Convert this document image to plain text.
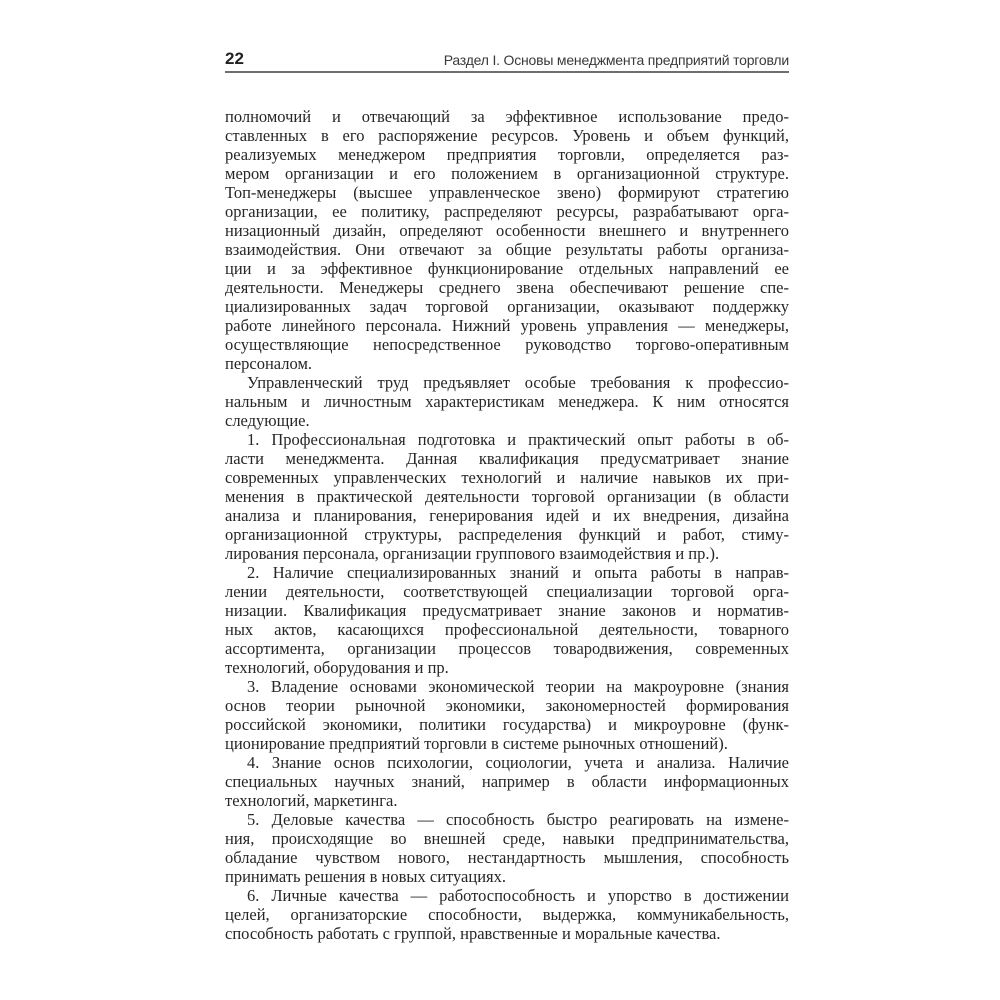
22	Раздел I. Основы менеджмента предприятий торговли

полномочий и отвечающий за эффективное использование предо-
ставленных в его распоряжение ресурсов. Уровень и объем функций,
реализуемых менеджером предприятия торговли, определяется раз-
мером организации и его положением в организационной структуре.
Топ-менеджеры (высшее управленческое звено) формируют стратегию
организации, ее политику, распределяют ресурсы, разрабатывают орга-
низационный дизайн, определяют особенности внешнего и внутреннего
взаимодействия. Они отвечают за общие результаты работы организа-
ции и за эффективное функционирование отдельных направлений ее
деятельности. Менеджеры среднего звена обеспечивают решение спе-
циализированных задач торговой организации, оказывают поддержку
работе линейного персонала. Нижний уровень управления — менеджеры,
осуществляющие непосредственное руководство торгово-оперативным
персоналом.

Управленческий труд предъявляет особые требования к профессио-
нальным и личностным характеристикам менеджера. К ним относятся
следующие.

1. Профессиональная подготовка и практический опыт работы в об-
ласти менеджмента. Данная квалификация предусматривает знание
современных управленческих технологий и наличие навыков их при-
менения в практической деятельности торговой организации (в области
анализа и планирования, генерирования идей и их внедрения, дизайна
организационной структуры, распределения функций и работ, стиму-
лирования персонала, организации группового взаимодействия и пр.).

2. Наличие специализированных знаний и опыта работы в направ-
лении деятельности, соответствующей специализации торговой орга-
низации. Квалификация предусматривает знание законов и норматив-
ных актов, касающихся профессиональной деятельности, товарного
ассортимента, организации процессов товародвижения, современных
технологий, оборудования и пр.

3. Владение основами экономической теории на макроуровне (знания
основ теории рыночной экономики, закономерностей формирования
российской экономики, политики государства) и микроуровне (функ-
ционирование предприятий торговли в системе рыночных отношений).

4. Знание основ психологии, социологии, учета и анализа. Наличие
специальных научных знаний, например в области информационных
технологий, маркетинга.

5. Деловые качества — способность быстро реагировать на измене-
ния, происходящие во внешней среде, навыки предпринимательства,
обладание чувством нового, нестандартность мышления, способность
принимать решения в новых ситуациях.

6. Личные качества — работоспособность и упорство в достижении
целей, организаторские способности, выдержка, коммуникабельность,
способность работать с группой, нравственные и моральные качества.
